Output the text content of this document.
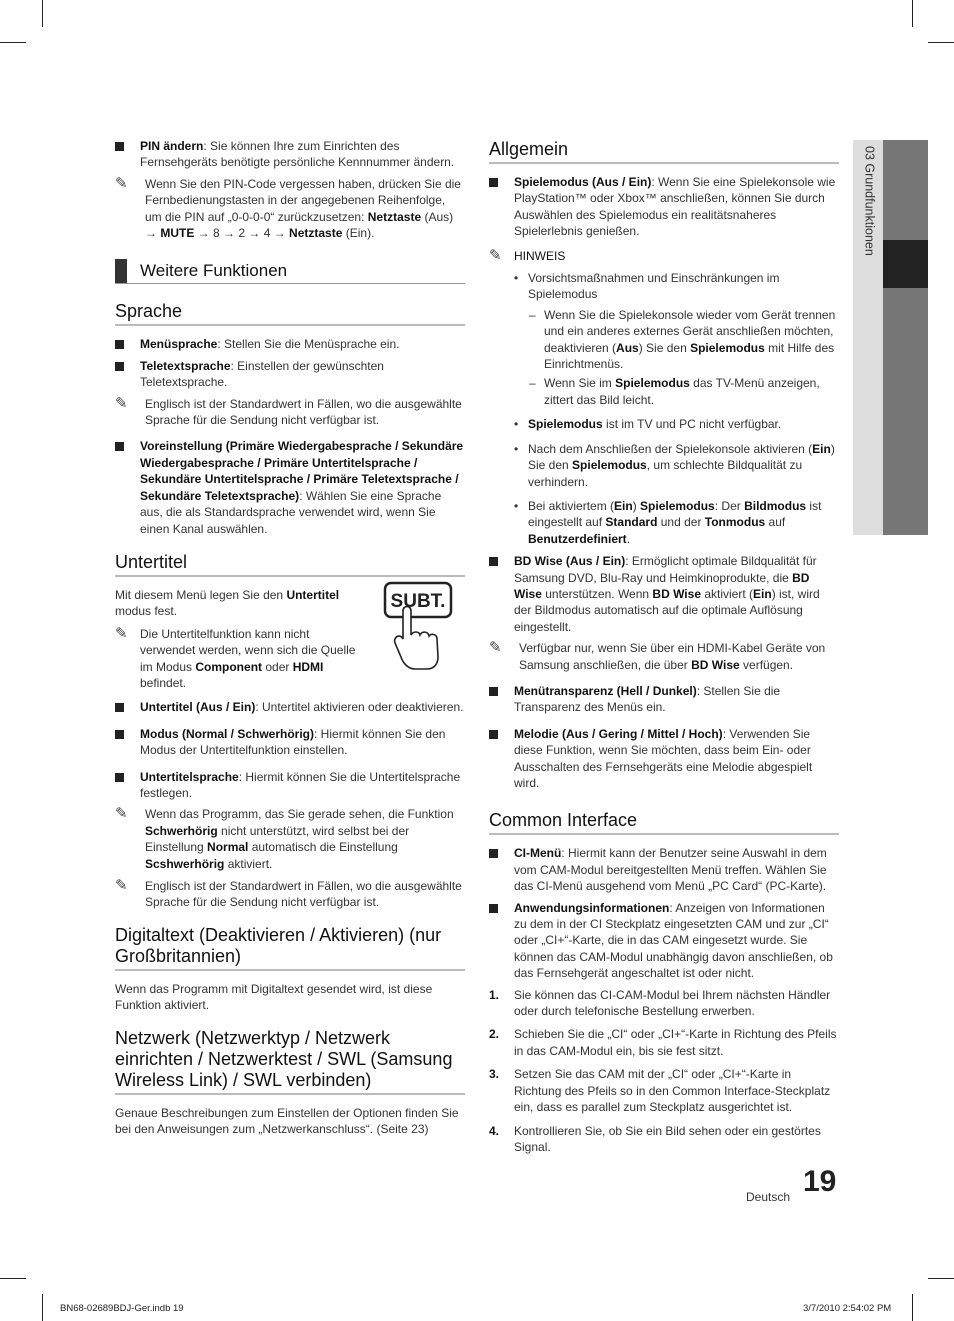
03 Grundfunktionen
PIN ändern: Sie können Ihre zum Einrichten des Fernsehgeräts benötigte persönliche Kennnummer ändern.
✎ Wenn Sie den PIN-Code vergessen haben, drücken Sie die Fernbedienungstasten in der angegebenen Reihenfolge, um die PIN auf „0-0-0-0“ zurückzusetzen: Netztaste (Aus) → MUTE → 8 → 2 → 4 → Netztaste (Ein).
Weitere Funktionen
Sprache
Menüsprache: Stellen Sie die Menüsprache ein.
Teletextsprache: Einstellen der gewünschten Teletextsprache.
✎ Englisch ist der Standardwert in Fällen, wo die ausgewählte Sprache für die Sendung nicht verfügbar ist.
Voreinstellung (Primäre Wiedergabesprache / Sekundäre Wiedergabesprache / Primäre Untertitelsprache / Sekundäre Untertitelsprache / Primäre Teletextsprache / Sekundäre Teletextsprache): Wählen Sie eine Sprache aus, die als Standardsprache verwendet wird, wenn Sie einen Kanal auswählen.
Untertitel
Mit diesem Menü legen Sie den Untertitel modus fest.
✎ Die Untertitelfunktion kann nicht verwendet werden, wenn sich die Quelle im Modus Component oder HDMI befindet.
SUBT.
Untertitel (Aus / Ein): Untertitel aktivieren oder deaktivieren.
Modus (Normal / Schwerhörig): Hiermit können Sie den Modus der Untertitelfunktion einstellen.
Untertitelsprache: Hiermit können Sie die Untertitelsprache festlegen.
✎ Wenn das Programm, das Sie gerade sehen, die Funktion Schwerhörig nicht unterstützt, wird selbst bei der Einstellung Normal automatisch die Einstellung Scshwerhörig aktiviert.
✎ Englisch ist der Standardwert in Fällen, wo die ausgewählte Sprache für die Sendung nicht verfügbar ist.
Digitaltext (Deaktivieren / Aktivieren) (nur Großbritannien)
Wenn das Programm mit Digitaltext gesendet wird, ist diese Funktion aktiviert.
Netzwerk (Netzwerktyp / Netzwerk einrichten / Netzwerktest / SWL (Samsung Wireless Link) / SWL verbinden)
Genaue Beschreibungen zum Einstellen der Optionen finden Sie bei den Anweisungen zum „Netzwerkanschluss“. (Seite 23)
Allgemein
Spielemodus (Aus / Ein): Wenn Sie eine Spielekonsole wie PlayStation™ oder Xbox™ anschließen, können Sie durch Auswählen des Spielemodus ein realitätsnaheres Spielerlebnis genießen.
✎ HINWEIS
• Vorsichtsmaßnahmen und Einschränkungen im Spielemodus
– Wenn Sie die Spielekonsole wieder vom Gerät trennen und ein anderes externes Gerät anschließen möchten, deaktivieren (Aus) Sie den Spielemodus mit Hilfe des Einrichtmenüs.
– Wenn Sie im Spielemodus das TV-Menü anzeigen, zittert das Bild leicht.
• Spielemodus ist im TV und PC nicht verfügbar.
• Nach dem Anschließen der Spielekonsole aktivieren (Ein) Sie den Spielemodus, um schlechte Bildqualität zu verhindern.
• Bei aktiviertem (Ein) Spielemodus: Der Bildmodus ist eingestellt auf Standard und der Tonmodus auf Benutzerdefiniert.
BD Wise (Aus / Ein): Ermöglicht optimale Bildqualität für Samsung DVD, Blu-Ray und Heimkinoprodukte, die BD Wise unterstützen. Wenn BD Wise aktiviert (Ein) ist, wird der Bildmodus automatisch auf die optimale Auflösung eingestellt.
✎ Verfügbar nur, wenn Sie über ein HDMI-Kabel Geräte von Samsung anschließen, die über BD Wise verfügen.
Menütransparenz (Hell / Dunkel): Stellen Sie die Transparenz des Menüs ein.
Melodie (Aus / Gering / Mittel / Hoch): Verwenden Sie diese Funktion, wenn Sie möchten, dass beim Ein- oder Ausschalten des Fernsehgeräts eine Melodie abgespielt wird.
Common Interface
CI-Menü: Hiermit kann der Benutzer seine Auswahl in dem vom CAM-Modul bereitgestellten Menü treffen. Wählen Sie das CI-Menü ausgehend vom Menü „PC Card“ (PC-Karte).
Anwendungsinformationen: Anzeigen von Informationen zu dem in der CI Steckplatz eingesetzten CAM und zur „CI“ oder „CI+“-Karte, die in das CAM eingesetzt wurde. Sie können das CAM-Modul unabhängig davon anschließen, ob das Fernsehgerät angeschaltet ist oder nicht.
1. Sie können das CI-CAM-Modul bei Ihrem nächsten Händler oder durch telefonische Bestellung erwerben.
2. Schieben Sie die „CI“ oder „CI+“-Karte in Richtung des Pfeils in das CAM-Modul ein, bis sie fest sitzt.
3. Setzen Sie das CAM mit der „CI“ oder „CI+“-Karte in Richtung des Pfeils so in den Common Interface-Steckplatz ein, dass es parallel zum Steckplatz ausgerichtet ist.
4. Kontrollieren Sie, ob Sie ein Bild sehen oder ein gestörtes Signal.
Deutsch 19
BN68-02689BDJ-Ger.indb 19	3/7/2010 2:54:02 PM
